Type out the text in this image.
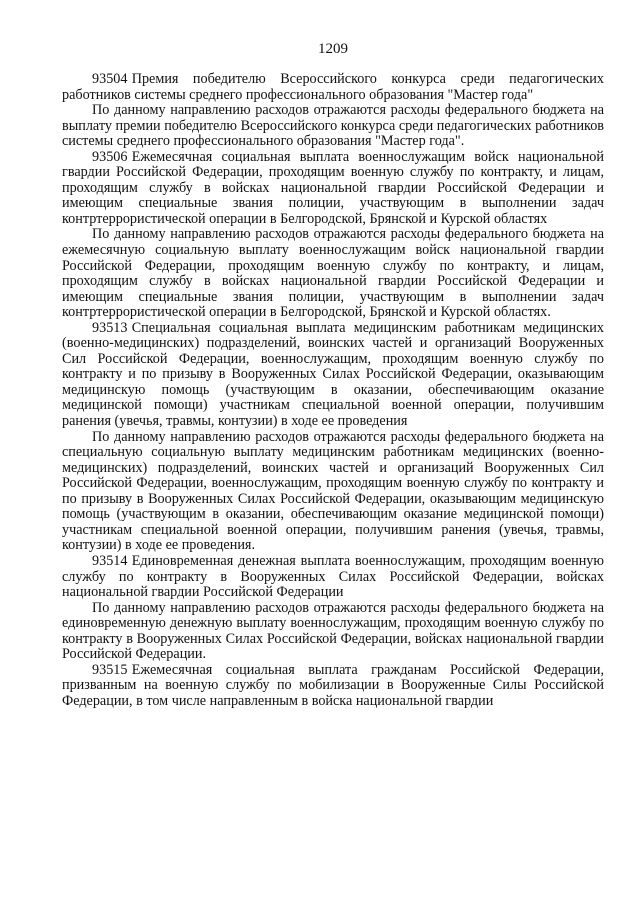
1209

93504 Премия победителю Всероссийского конкурса среди педагогических работников системы среднего профессионального образования "Мастер года"

По данному направлению расходов отражаются расходы федерального бюджета на выплату премии победителю Всероссийского конкурса среди педагогических работников системы среднего профессионального образования "Мастер года".

93506 Ежемесячная социальная выплата военнослужащим войск национальной гвардии Российской Федерации, проходящим военную службу по контракту, и лицам, проходящим службу в войсках национальной гвардии Российской Федерации и имеющим специальные звания полиции, участвующим в выполнении задач контртеррористической операции в Белгородской, Брянской и Курской областях

По данному направлению расходов отражаются расходы федерального бюджета на ежемесячную социальную выплату военнослужащим войск национальной гвардии Российской Федерации, проходящим военную службу по контракту, и лицам, проходящим службу в войсках национальной гвардии Российской Федерации и имеющим специальные звания полиции, участвующим в выполнении задач контртеррористической операции в Белгородской, Брянской и Курской областях.

93513 Специальная социальная выплата медицинским работникам медицинских (военно-медицинских) подразделений, воинских частей и организаций Вооруженных Сил Российской Федерации, военнослужащим, проходящим военную службу по контракту и по призыву в Вооруженных Силах Российской Федерации, оказывающим медицинскую помощь (участвующим в оказании, обеспечивающим оказание медицинской помощи) участникам специальной военной операции, получившим ранения (увечья, травмы, контузии) в ходе ее проведения

По данному направлению расходов отражаются расходы федерального бюджета на специальную социальную выплату медицинским работникам медицинских (военно-медицинских) подразделений, воинских частей и организаций Вооруженных Сил Российской Федерации, военнослужащим, проходящим военную службу по контракту и по призыву в Вооруженных Силах Российской Федерации, оказывающим медицинскую помощь (участвующим в оказании, обеспечивающим оказание медицинской помощи) участникам специальной военной операции, получившим ранения (увечья, травмы, контузии) в ходе ее проведения.

93514 Единовременная денежная выплата военнослужащим, проходящим военную службу по контракту в Вооруженных Силах Российской Федерации, войсках национальной гвардии Российской Федерации

По данному направлению расходов отражаются расходы федерального бюджета на единовременную денежную выплату военнослужащим, проходящим военную службу по контракту в Вооруженных Силах Российской Федерации, войсках национальной гвардии Российской Федерации.

93515 Ежемесячная социальная выплата гражданам Российской Федерации, призванным на военную службу по мобилизации в Вооруженные Силы Российской Федерации, в том числе направленным в войска национальной гвардии
